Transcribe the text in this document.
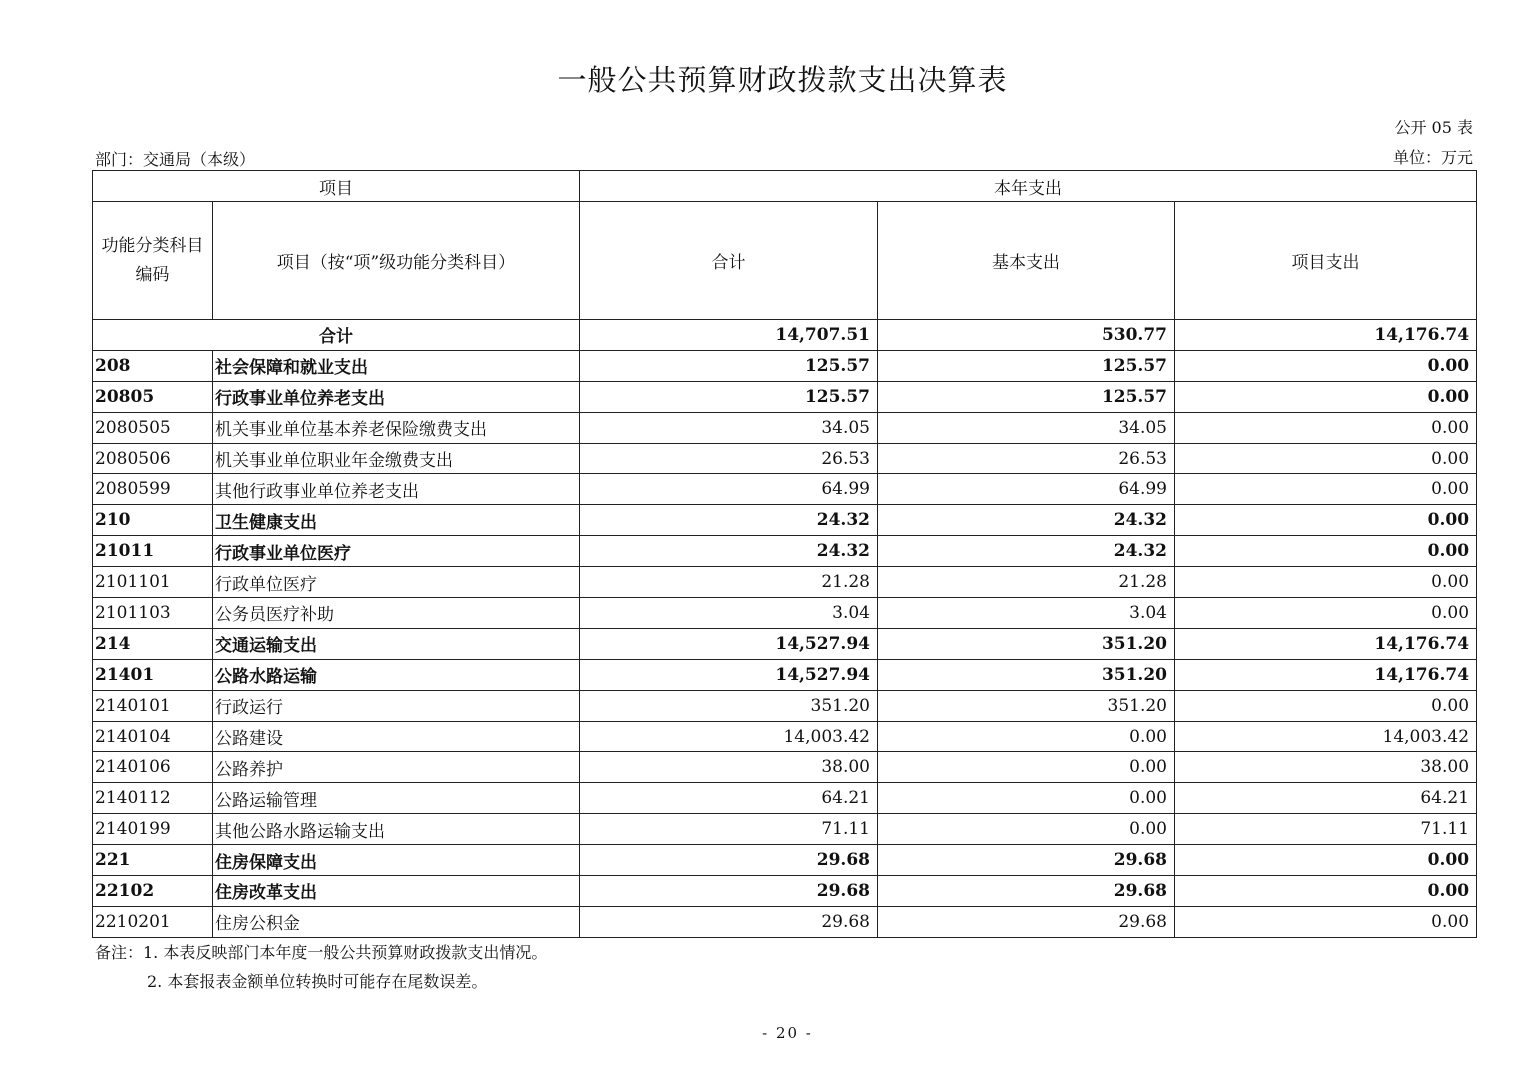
一般公共预算财政拨款支出决算表
公开 05 表
部门：交通局（本级）	单位：万元
项目		本年支出		
功能分类科目编码	项目（按“项”级功能分类科目）	合计	基本支出	项目支出
合计		14,707.51	530.77	14,176.74
208	社会保障和就业支出	125.57	125.57	0.00
20805	行政事业单位养老支出	125.57	125.57	0.00
2080505	机关事业单位基本养老保险缴费支出	34.05	34.05	0.00
2080506	机关事业单位职业年金缴费支出	26.53	26.53	0.00
2080599	其他行政事业单位养老支出	64.99	64.99	0.00
210	卫生健康支出	24.32	24.32	0.00
21011	行政事业单位医疗	24.32	24.32	0.00
2101101	行政单位医疗	21.28	21.28	0.00
2101103	公务员医疗补助	3.04	3.04	0.00
214	交通运输支出	14,527.94	351.20	14,176.74
21401	公路水路运输	14,527.94	351.20	14,176.74
2140101	行政运行	351.20	351.20	0.00
2140104	公路建设	14,003.42	0.00	14,003.42
2140106	公路养护	38.00	0.00	38.00
2140112	公路运输管理	64.21	0.00	64.21
2140199	其他公路水路运输支出	71.11	0.00	71.11
221	住房保障支出	29.68	29.68	0.00
22102	住房改革支出	29.68	29.68	0.00
2210201	住房公积金	29.68	29.68	0.00
备注：1. 本表反映部门本年度一般公共预算财政拨款支出情况。
2. 本套报表金额单位转换时可能存在尾数误差。
- 20 -
